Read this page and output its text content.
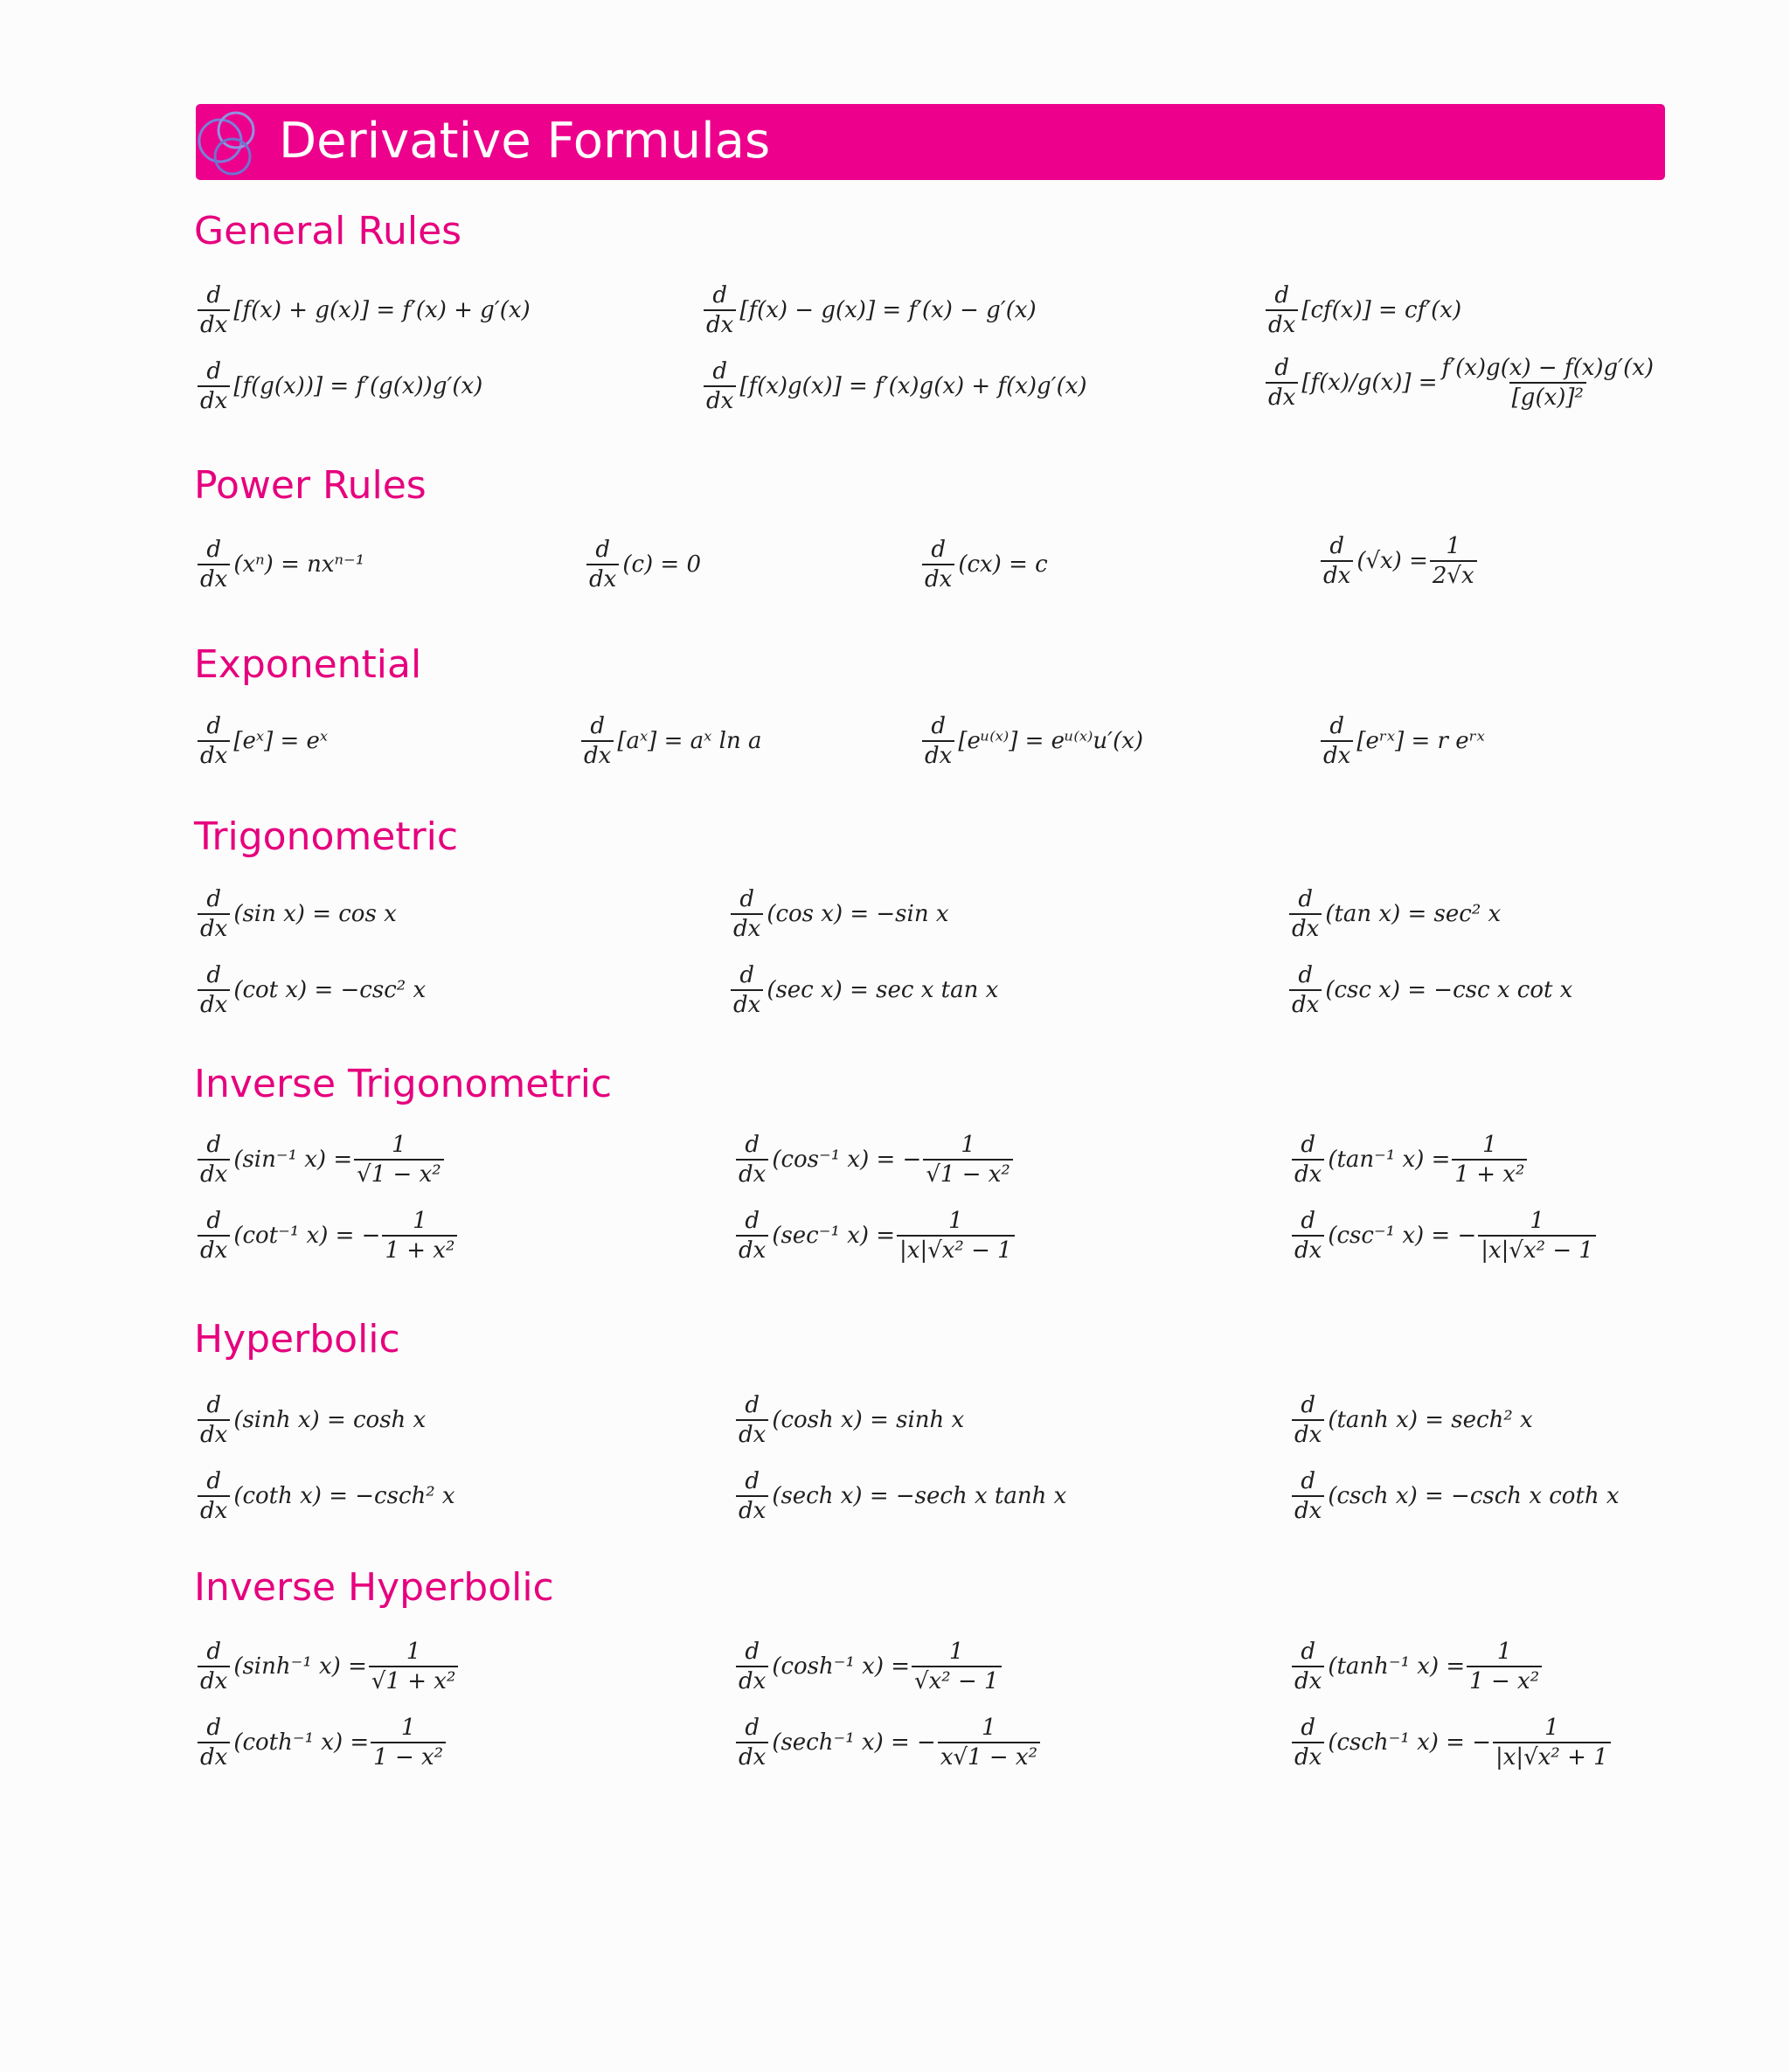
Derivative Formulas
General Rules
Power Rules
Exponential
Trigonometric
Inverse Trigonometric
Hyperbolic
Inverse Hyperbolic
$\frac{d}{dx} [f(x) + g(x)] = f'(x) + g'(x)$	$\frac{d}{dx} [f(x) - g(x)] = f'(x) - g'(x)$	$\frac{d}{dx} [cf(x)] = cf'(x)$
$\frac{d}{dx} [f(g(x))] = f'(g(x))g'(x)$	$\frac{d}{dx} [f(x)g(x)] = f'(x)g(x) + f(x)g'(x)$	$\frac{d}{dx} [f(x)/g(x)] = \frac{f'(x)g(x) - f(x)g'(x)}{\text{[g(x)]²}}$
$\frac{d}{dx} (x^n) = nx^{n-1}$	$\frac{d}{dx} (c) = 0$	$\frac{d}{dx} (cx) = c$	$\frac{d}{dx} (√x) = \frac{1}{2√x}$
$\frac{d}{dx}$ [eˣ] = eˣ	$\frac{d}{dx}$ [aˣ] = aˣ ln a	$\frac{d}{dx}$ [eᵘ⁽ˣ⁾] = eᵘ⁽ˣ⁾u′(x)	$\frac{d}{dx}$ [eʳˣ] = r eʳˣ
$\frac{d}{dx} (\sin$ x) = cos x	$\frac{d}{dx} (\cos$ x) = −sin x	$\frac{d}{dx} (\tan$ x) = sec² x
$\frac{d}{dx} (\cot$ x) = −csc² x	$\frac{d}{dx} (\sec$ x) = sec x tan x	$\frac{d}{dx} (\csc$ x) = −csc x cot x
$\frac{d}{dx} (\sin^{-1}$ $x) = \frac{1}{\text{√1 − x²}}$	$\frac{d}{dx} (\cos^{-1}$ x) = − $\frac{1}{\text{√1 − x²}}$	$\frac{d}{dx} (\tan^{-1}$ $x) = \frac{1}{\text{1 + x²}}$
$\frac{d}{dx} (\cot^{-1}$ x) = − $\frac{1}{\text{1 + x²}}$	$\frac{d}{dx} (\sec^{-1}$ $x) = \frac{1}{\text{|x|√x² − 1}}$	$\frac{d}{dx} (\csc^{-1}$ x) = − $\frac{1}{\text{|x|√x² − 1}}$
$\frac{d}{dx} (\sinh$ x) = cosh x	$\frac{d}{dx} (\cosh$ x) = sinh x	$\frac{d}{dx} (\tanh$ x) = sech² x
$\frac{d}{dx} (\cot h$ x) = −csch² x	$\frac{d}{dx} (\sec h$ x) = −sech x tanh x	$\frac{d}{dx} (\csc h$ x) = −csch x coth x
$\frac{d}{dx} (\sinh^{-1}$ $x) = \frac{1}{\text{√1 + x²}}$	$\frac{d}{dx} (\cosh^{-1}$ $x) = \frac{1}{\text{√x² − 1}}$	$\frac{d}{dx} (\tanh^{-1}$ $x) = \frac{1}{\text{1 − x²}}$
$\frac{d}{dx} (\cot h^{-1}$ $x) = \frac{1}{\text{1 − x²}}$	$\frac{d}{dx} (\sec h^{-1}$ x) = − $\frac{1}{\text{x√1 − x²}}$	$\frac{d}{dx} (\csc h^{-1}$ x) = − $\frac{1}{\text{|x|√x² + 1}}$
